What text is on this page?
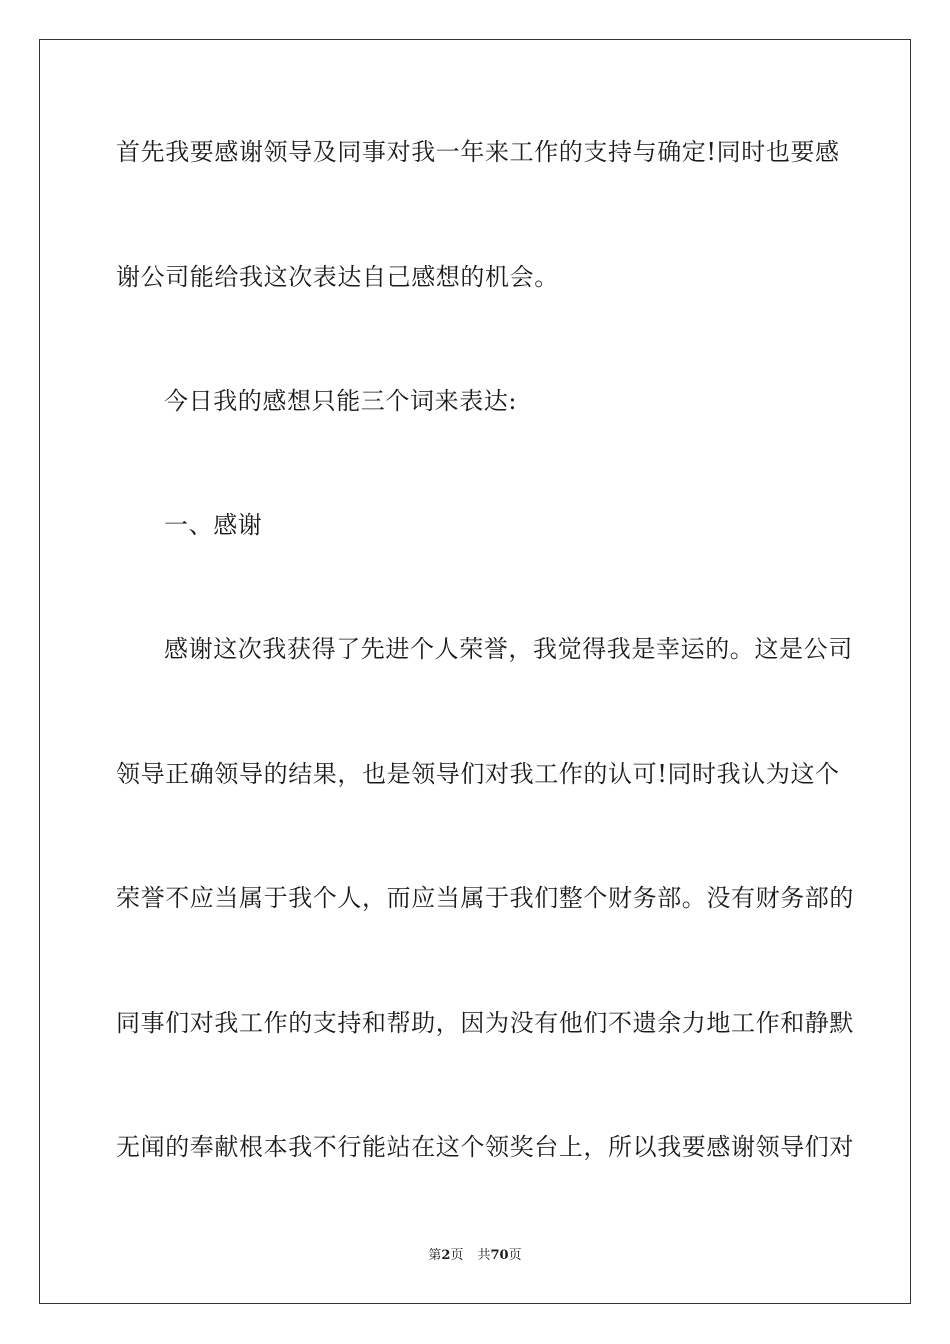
首先我要感谢领导及同事对我一年来工作的支持与确定!同时也要感
谢公司能给我这次表达自己感想的机会。
今日我的感想只能三个词来表达:
一、感谢
感谢这次我获得了先进个人荣誉，我觉得我是幸运的。这是公司
领导正确领导的结果，也是领导们对我工作的认可!同时我认为这个
荣誉不应当属于我个人，而应当属于我们整个财务部。没有财务部的
同事们对我工作的支持和帮助，因为没有他们不遗余力地工作和静默
无闻的奉献根本我不行能站在这个领奖台上，所以我要感谢领导们对
第2页 共70页
